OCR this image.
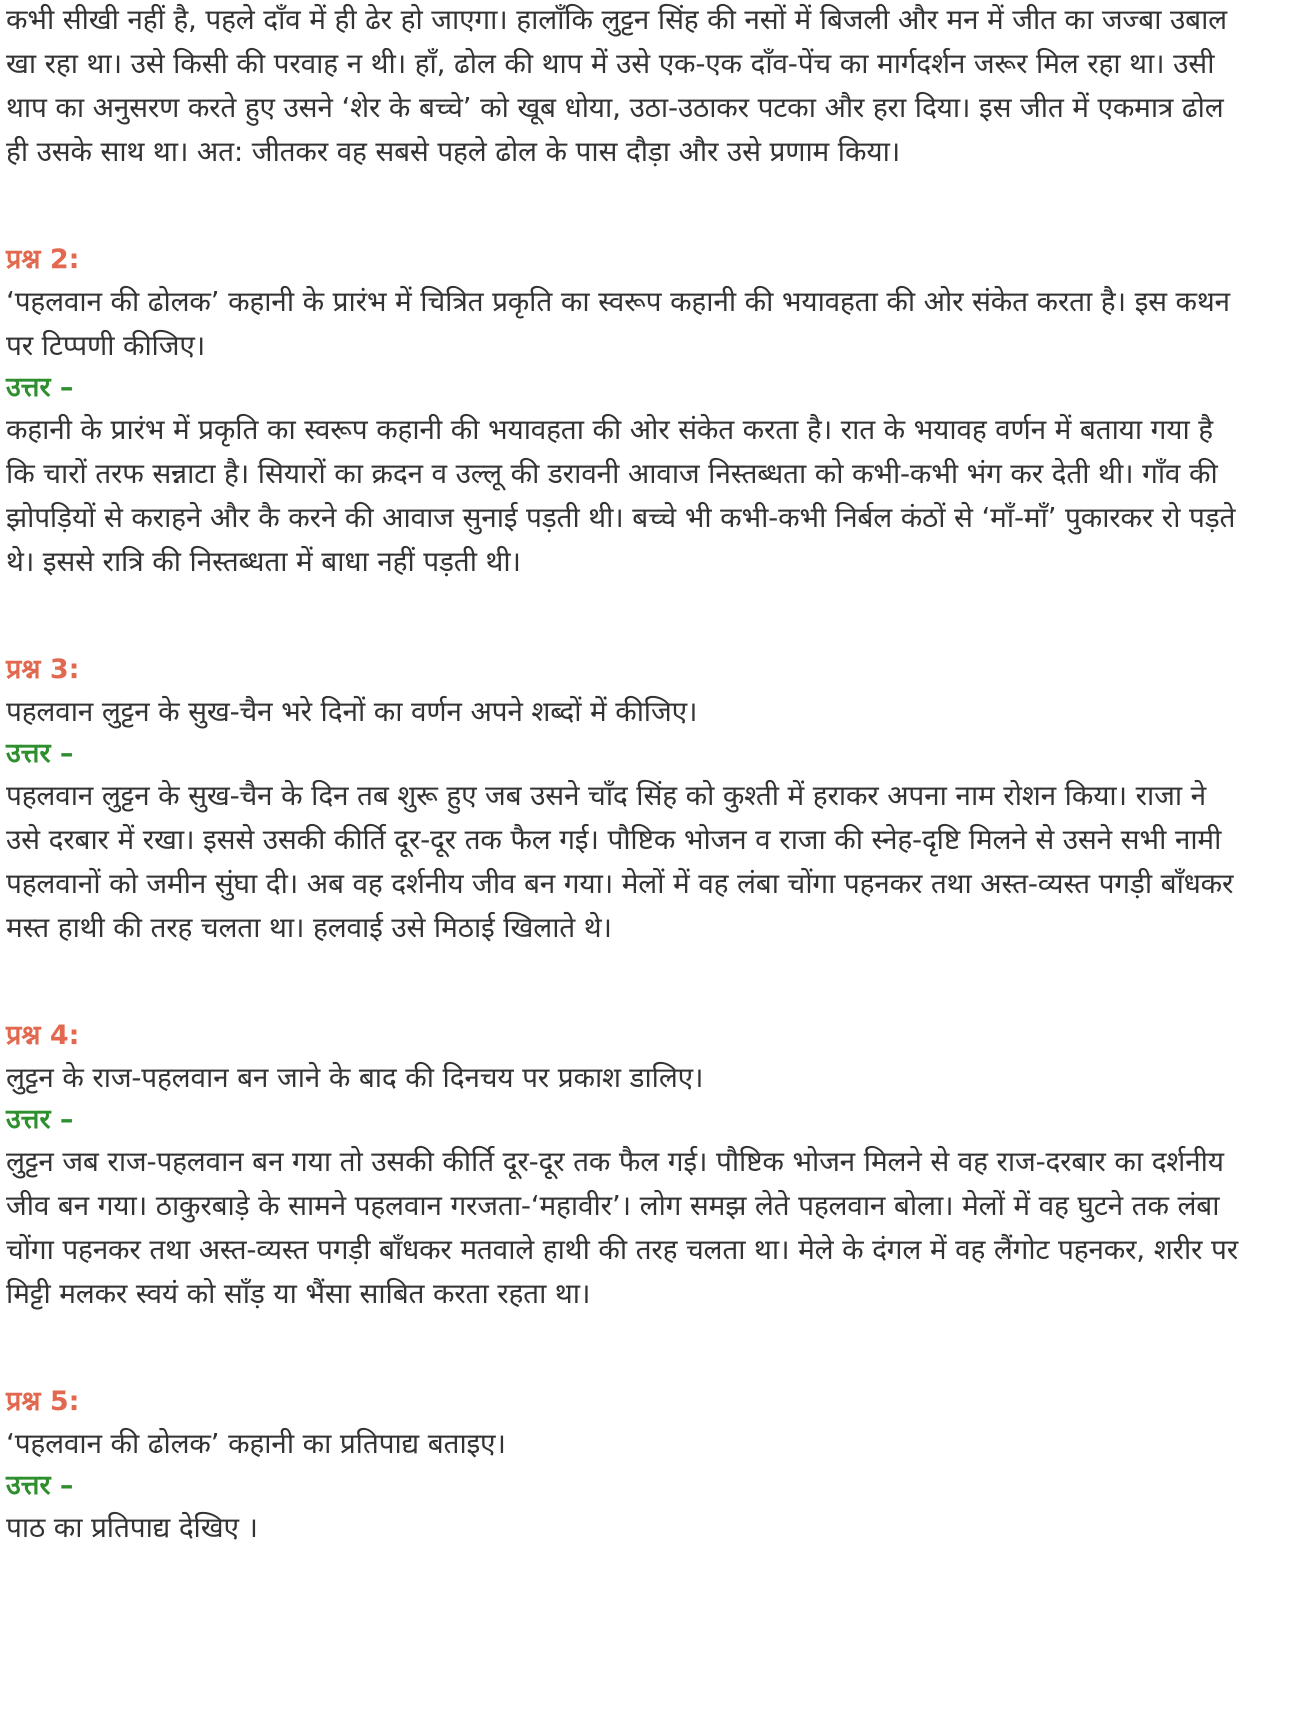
कभी सीखी नहीं है, पहले दाँव में ही ढेर हो जाएगा। हालाँकि लुट्टन सिंह की नसों में बिजली और मन में जीत का जज्बा उबाल खा रहा था। उसे किसी की परवाह न थी। हाँ, ढोल की थाप में उसे एक-एक दाँव-पेंच का मार्गदर्शन जरूर मिल रहा था। उसी थाप का अनुसरण करते हुए उसने ‘शेर के बच्चे’ को खूब धोया, उठा-उठाकर पटका और हरा दिया। इस जीत में एकमात्र ढोल ही उसके साथ था। अत: जीतकर वह सबसे पहले ढोल के पास दौड़ा और उसे प्रणाम किया।

प्रश्न 2:

‘पहलवान की ढोलक’ कहानी के प्रारंभ में चित्रित प्रकृति का स्वरूप कहानी की भयावहता की ओर संकेत करता है। इस कथन पर टिप्पणी कीजिए।

उत्तर –

कहानी के प्रारंभ में प्रकृति का स्वरूप कहानी की भयावहता की ओर संकेत करता है। रात के भयावह वर्णन में बताया गया है कि चारों तरफ सन्नाटा है। सियारों का क्रदन व उल्लू की डरावनी आवाज निस्तब्धता को कभी-कभी भंग कर देती थी। गाँव की झोपड़ियों से कराहने और कै करने की आवाज सुनाई पड़ती थी। बच्चे भी कभी-कभी निर्बल कंठों से ‘माँ-माँ’ पुकारकर रो पड़ते थे। इससे रात्रि की निस्तब्धता में बाधा नहीं पड़ती थी।

प्रश्न 3:

पहलवान लुट्टन के सुख-चैन भरे दिनों का वर्णन अपने शब्दों में कीजिए।

उत्तर –

पहलवान लुट्टन के सुख-चैन के दिन तब शुरू हुए जब उसने चाँद सिंह को कुश्ती में हराकर अपना नाम रोशन किया। राजा ने उसे दरबार में रखा। इससे उसकी कीर्ति दूर-दूर तक फैल गई। पौष्टिक भोजन व राजा की स्नेह-दृष्टि मिलने से उसने सभी नामी पहलवानों को जमीन सुंघा दी। अब वह दर्शनीय जीव बन गया। मेलों में वह लंबा चोंगा पहनकर तथा अस्त-व्यस्त पगड़ी बाँधकर मस्त हाथी की तरह चलता था। हलवाई उसे मिठाई खिलाते थे।

प्रश्न 4:

लुट्टन के राज-पहलवान बन जाने के बाद की दिनचय पर प्रकाश डालिए।

उत्तर –

लुट्टन जब राज-पहलवान बन गया तो उसकी कीर्ति दूर-दूर तक फैल गई। पौष्टिक भोजन मिलने से वह राज-दरबार का दर्शनीय जीव बन गया। ठाकुरबाड़े के सामने पहलवान गरजता-‘महावीर’। लोग समझ लेते पहलवान बोला। मेलों में वह घुटने तक लंबा चोंगा पहनकर तथा अस्त-व्यस्त पगड़ी बाँधकर मतवाले हाथी की तरह चलता था। मेले के दंगल में वह लैंगोट पहनकर, शरीर पर मिट्टी मलकर स्वयं को साँड़ या भैंसा साबित करता रहता था।

प्रश्न 5:

‘पहलवान की ढोलक’ कहानी का प्रतिपाद्य बताइए।

उत्तर –

पाठ का प्रतिपाद्य देखिए ।
